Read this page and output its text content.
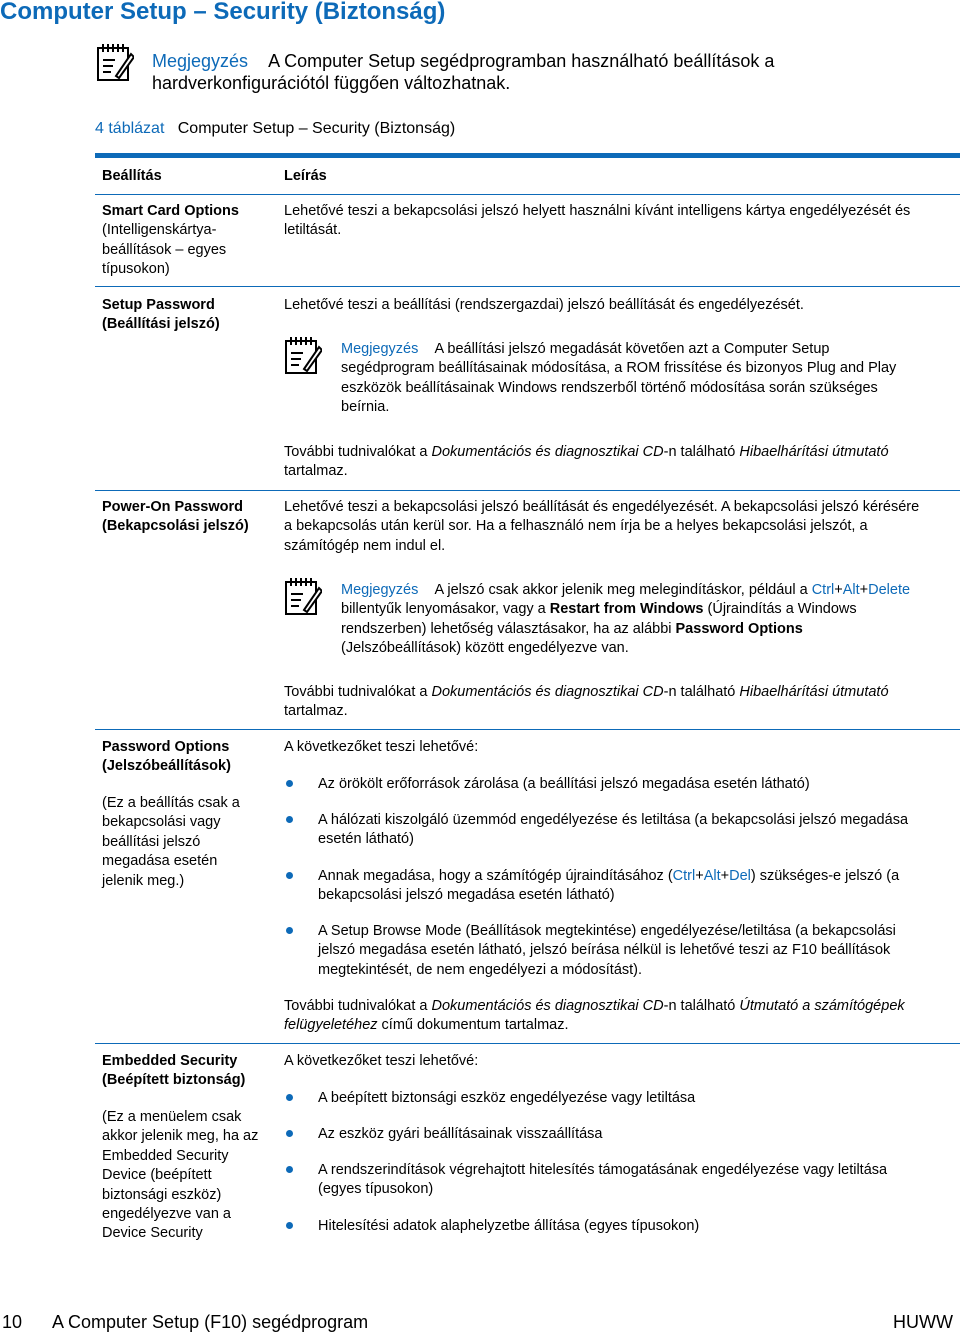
Computer Setup – Security (Biztonság)
Megjegyzés A Computer Setup segédprogramban használható beállítások a
hardverkonfigurációtól függően változhatnak.
4 táblázat Computer Setup – Security (Biztonság)
Beállítás	Leírás
Smart Card Options
(Intelligenskártya-
beállítások – egyes
típusokon)
Lehetővé teszi a bekapcsolási jelszó helyett használni kívánt intelligens kártya engedélyezését és
letiltását.
Setup Password
(Beállítási jelszó)
Lehetővé teszi a beállítási (rendszergazdai) jelszó beállítását és engedélyezését.
Megjegyzés A beállítási jelszó megadását követően azt a Computer Setup
segédprogram beállításainak módosítása, a ROM frissítése és bizonyos Plug and Play
eszközök beállításainak Windows rendszerből történő módosítása során szükséges
beírnia.
További tudnivalókat a Dokumentációs és diagnosztikai CD-n található Hibaelhárítási útmutató
tartalmaz.
Power-On Password
(Bekapcsolási jelszó)
Lehetővé teszi a bekapcsolási jelszó beállítását és engedélyezését. A bekapcsolási jelszó kérésére
a bekapcsolás után kerül sor. Ha a felhasználó nem írja be a helyes bekapcsolási jelszót, a
számítógép nem indul el.
Megjegyzés A jelszó csak akkor jelenik meg melegindításkor, például a Ctrl+Alt+Delete
billentyűk lenyomásakor, vagy a Restart from Windows (Újraindítás a Windows
rendszerben) lehetőség választásakor, ha az alábbi Password Options
(Jelszóbeállítások) között engedélyezve van.
További tudnivalókat a Dokumentációs és diagnosztikai CD-n található Hibaelhárítási útmutató
tartalmaz.
Password Options
(Jelszóbeállítások)
(Ez a beállítás csak a
bekapcsolási vagy
beállítási jelszó
megadása esetén
jelenik meg.)
A következőket teszi lehetővé:
Az örökölt erőforrások zárolása (a beállítási jelszó megadása esetén látható)
A hálózati kiszolgáló üzemmód engedélyezése és letiltása (a bekapcsolási jelszó megadása
esetén látható)
Annak megadása, hogy a számítógép újraindításához (Ctrl+Alt+Del) szükséges-e jelszó (a
bekapcsolási jelszó megadása esetén látható)
A Setup Browse Mode (Beállítások megtekintése) engedélyezése/letiltása (a bekapcsolási
jelszó megadása esetén látható, jelszó beírása nélkül is lehetővé teszi az F10 beállítások
megtekintését, de nem engedélyezi a módosítást).
További tudnivalókat a Dokumentációs és diagnosztikai CD-n található Útmutató a számítógépek
felügyeletéhez című dokumentum tartalmaz.
Embedded Security
(Beépített biztonság)
(Ez a menüelem csak
akkor jelenik meg, ha az
Embedded Security
Device (beépített
biztonsági eszköz)
engedélyezve van a
Device Security
A következőket teszi lehetővé:
A beépített biztonsági eszköz engedélyezése vagy letiltása
Az eszköz gyári beállításainak visszaállítása
A rendszerindítások végrehajtott hitelesítés támogatásának engedélyezése vagy letiltása
(egyes típusokon)
Hitelesítési adatok alaphelyzetbe állítása (egyes típusokon)
10 A Computer Setup (F10) segédprogram	HUWW
